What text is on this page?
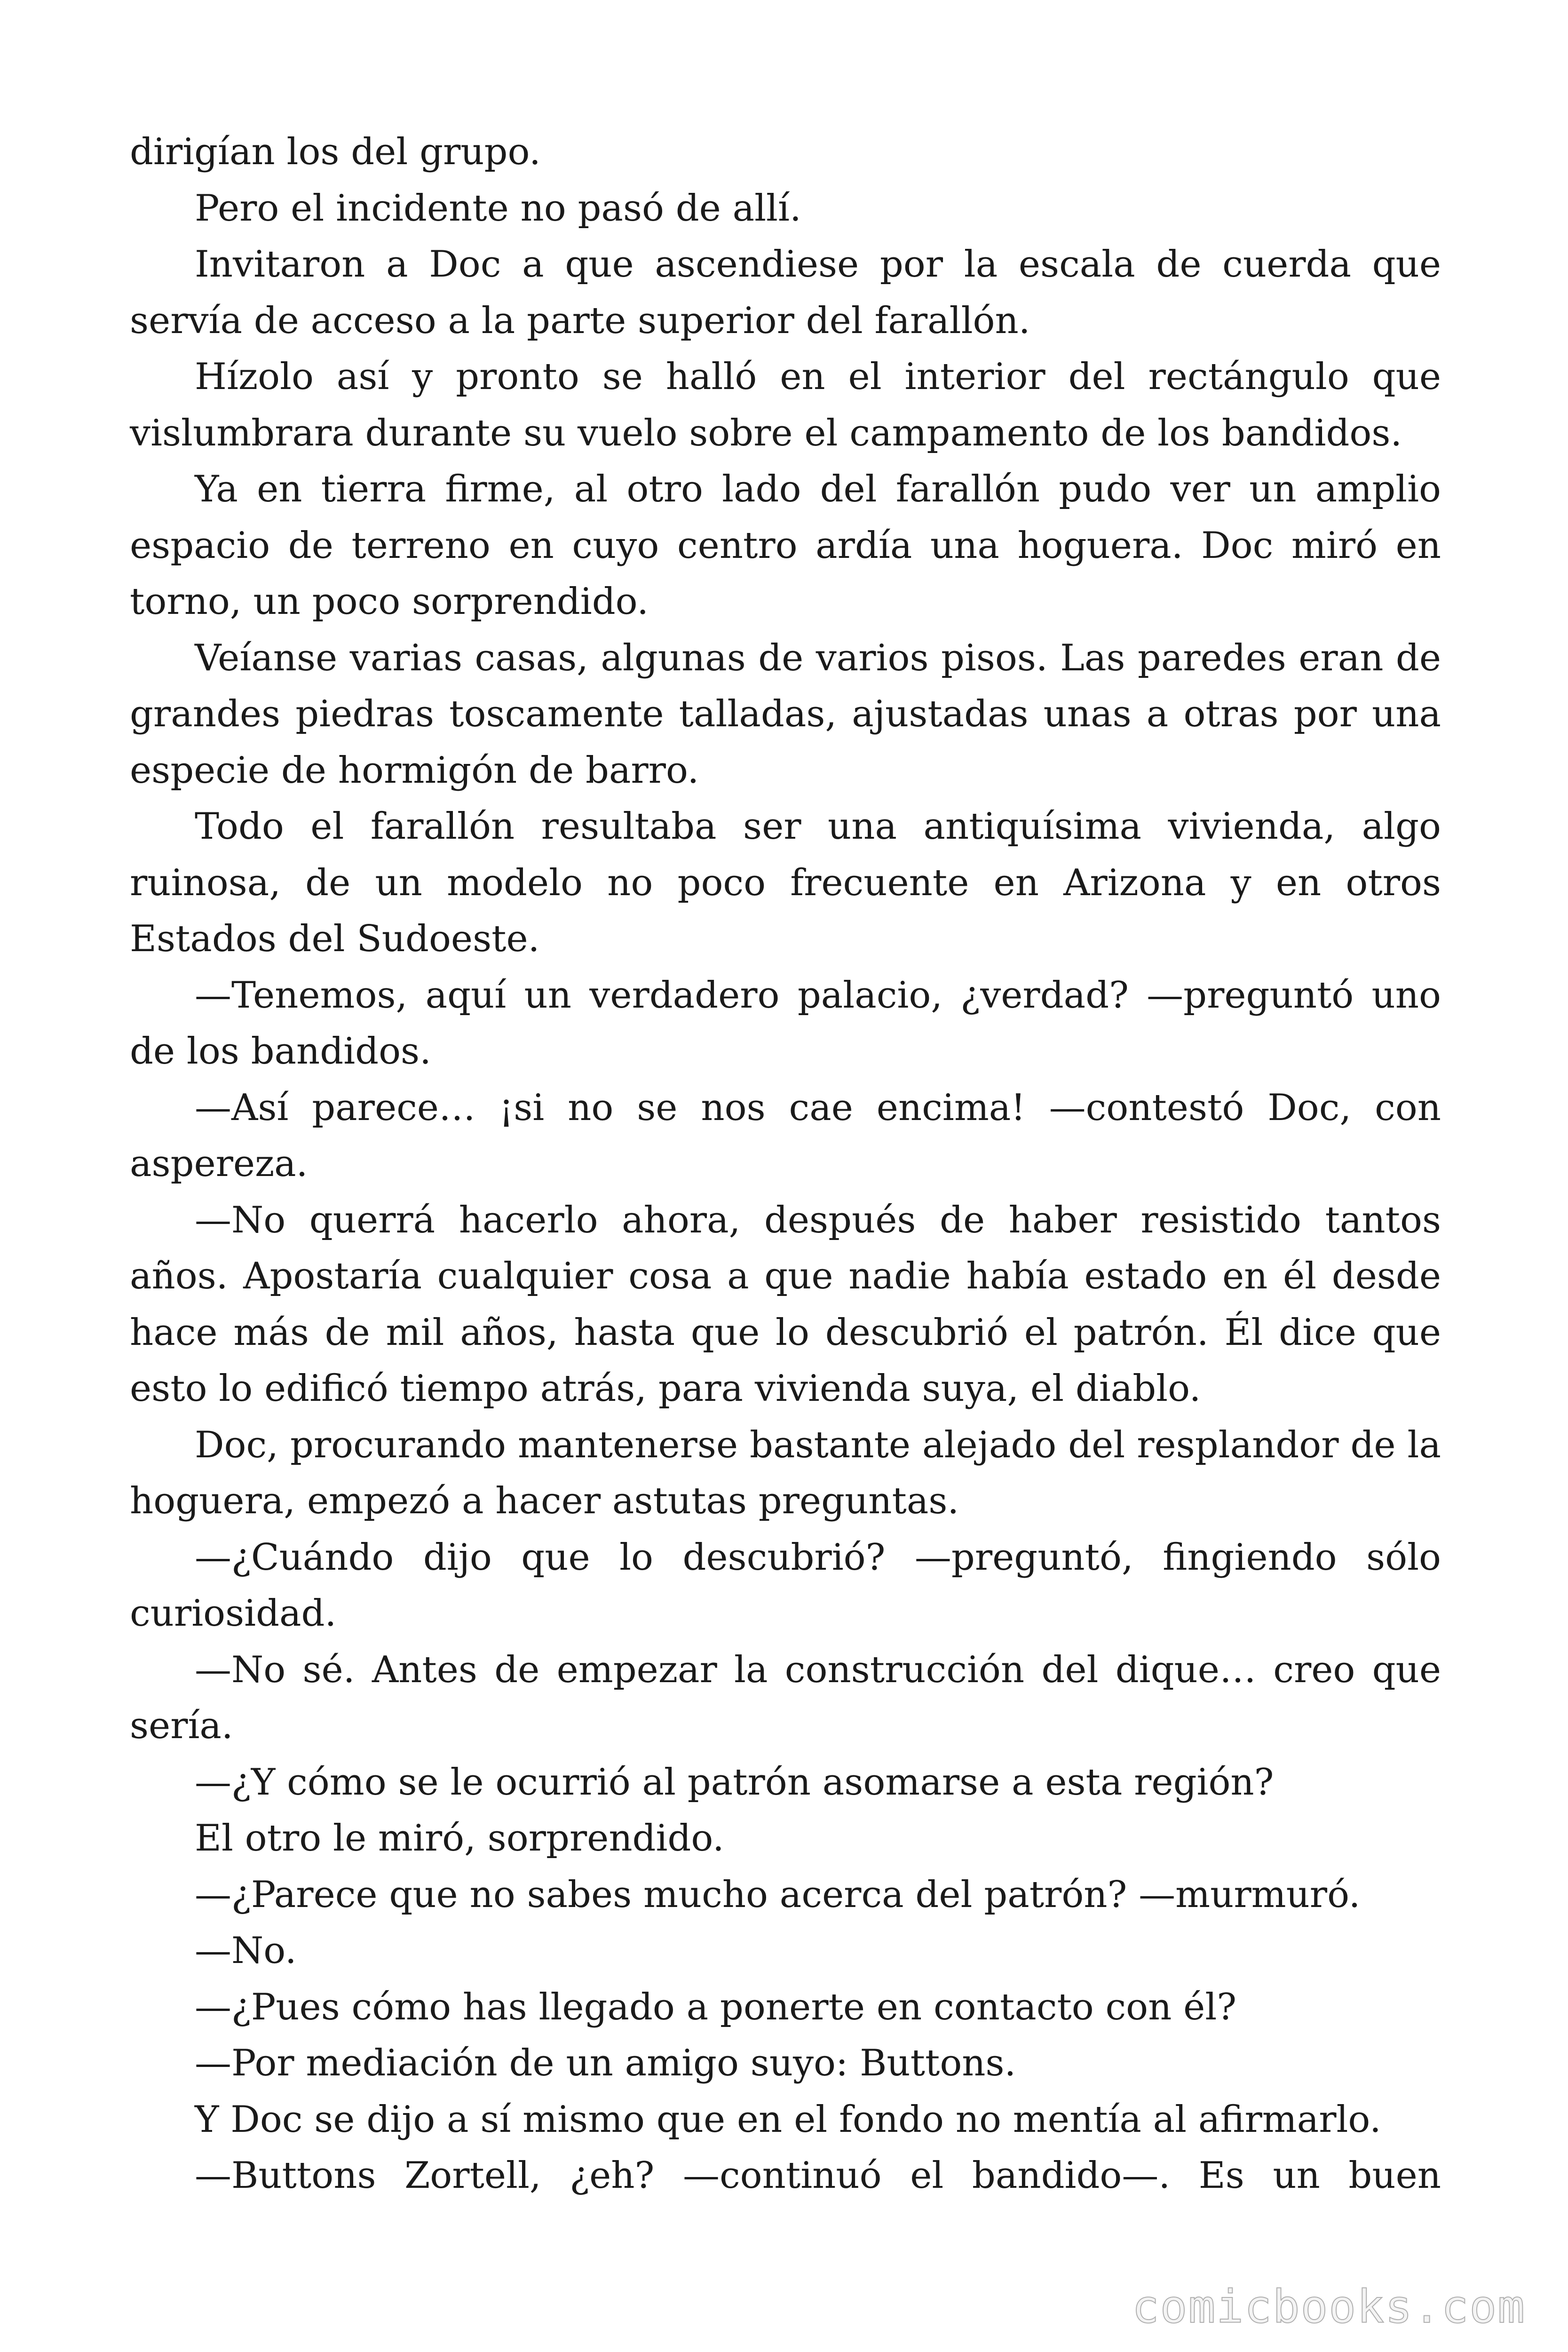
dirigían los del grupo.

Pero el incidente no pasó de allí.

Invitaron a Doc a que ascendiese por la escala de cuerda que servía de acceso a la parte superior del farallón.

Hízolo así y pronto se halló en el interior del rectángulo que vislumbrara durante su vuelo sobre el campamento de los bandidos.

Ya en tierra firme, al otro lado del farallón pudo ver un amplio espacio de terreno en cuyo centro ardía una hoguera. Doc miró en torno, un poco sorprendido.

Veíanse varias casas, algunas de varios pisos. Las paredes eran de grandes piedras toscamente talladas, ajustadas unas a otras por una especie de hormigón de barro.

Todo el farallón resultaba ser una antiquísima vivienda, algo ruinosa, de un modelo no poco frecuente en Arizona y en otros Estados del Sudoeste.

—Tenemos, aquí un verdadero palacio, ¿verdad? —preguntó uno de los bandidos.

—Así parece… ¡si no se nos cae encima! —contestó Doc, con aspereza.

—No querrá hacerlo ahora, después de haber resistido tantos años. Apostaría cualquier cosa a que nadie había estado en él desde hace más de mil años, hasta que lo descubrió el patrón. Él dice que esto lo edificó tiempo atrás, para vivienda suya, el diablo.

Doc, procurando mantenerse bastante alejado del resplandor de la hoguera, empezó a hacer astutas preguntas.

—¿Cuándo dijo que lo descubrió? —preguntó, fingiendo sólo curiosidad.

—No sé. Antes de empezar la construcción del dique… creo que sería.

—¿Y cómo se le ocurrió al patrón asomarse a esta región?

El otro le miró, sorprendido.

—¿Parece que no sabes mucho acerca del patrón? —murmuró.

—No.

—¿Pues cómo has llegado a ponerte en contacto con él?

—Por mediación de un amigo suyo: Buttons.

Y Doc se dijo a sí mismo que en el fondo no mentía al afirmarlo.

—Buttons Zortell, ¿eh? —continuó el bandido—. Es un buen

comicbooks.com
